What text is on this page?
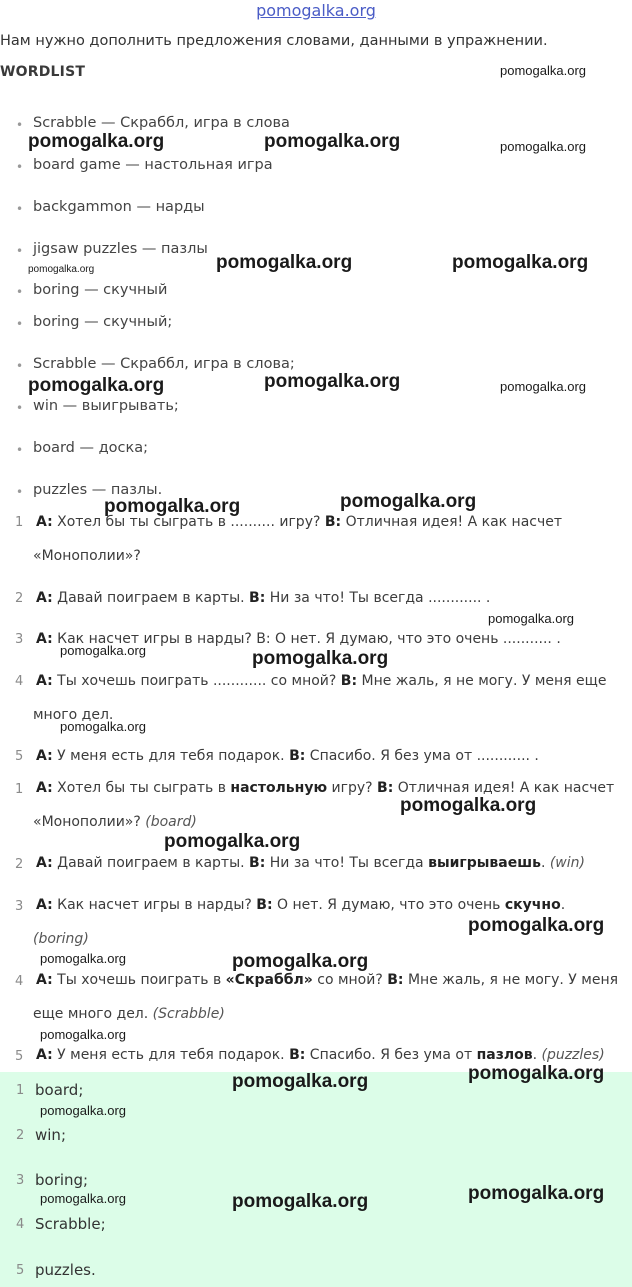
pomogalka.org
Нам нужно дополнить предложения словами, данными в упражнении.
WORDLIST
• Scrabble — Скраббл, игра в слова
• board game — настольная игра
• backgammon — нарды
• jigsaw puzzles — пазлы
• boring — скучный
• boring — скучный;
• Scrabble — Скраббл, игра в слова;
• win — выигрывать;
• board — доска;
• puzzles — пазлы.
1 A: Хотел бы ты сыграть в .......... игру? B: Отличная идея! А как насчет
«Монополии»?
2 A: Давай поиграем в карты. B: Ни за что! Ты всегда ............ .
3 A: Как насчет игры в нарды? В: О нет. Я думаю, что это очень ........... .
4 A: Ты хочешь поиграть ............ со мной? B: Мне жаль, я не могу. У меня еще
много дел.
5 A: У меня есть для тебя подарок. B: Спасибо. Я без ума от ............ .
1 A: Хотел бы ты сыграть в настольную игру? B: Отличная идея! А как насчет
«Монополии»? (board)
2 A: Давай поиграем в карты. B: Ни за что! Ты всегда выигрываешь. (win)
3 A: Как насчет игры в нарды? B: О нет. Я думаю, что это очень скучно.
(boring)
4 A: Ты хочешь поиграть в «Скраббл» со мной? B: Мне жаль, я не могу. У меня
еще много дел. (Scrabble)
5 A: У меня есть для тебя подарок. B: Спасибо. Я без ума от пазлов. (puzzles)
1 board;
2 win;
3 boring;
4 Scrabble;
5 puzzles.
pomogalka.org
pomogalka.org	pomogalka.org	pomogalka.org
pomogalka.org	pomogalka.org
pomogalka.org
pomogalka.org	pomogalka.org	pomogalka.org
pomogalka.org	pomogalka.org
pomogalka.org
pomogalka.org	pomogalka.org
pomogalka.org
pomogalka.org
pomogalka.org
pomogalka.org
pomogalka.org	pomogalka.org
pomogalka.org
pomogalka.org	pomogalka.org
pomogalka.org
pomogalka.org	pomogalka.org	pomogalka.org
